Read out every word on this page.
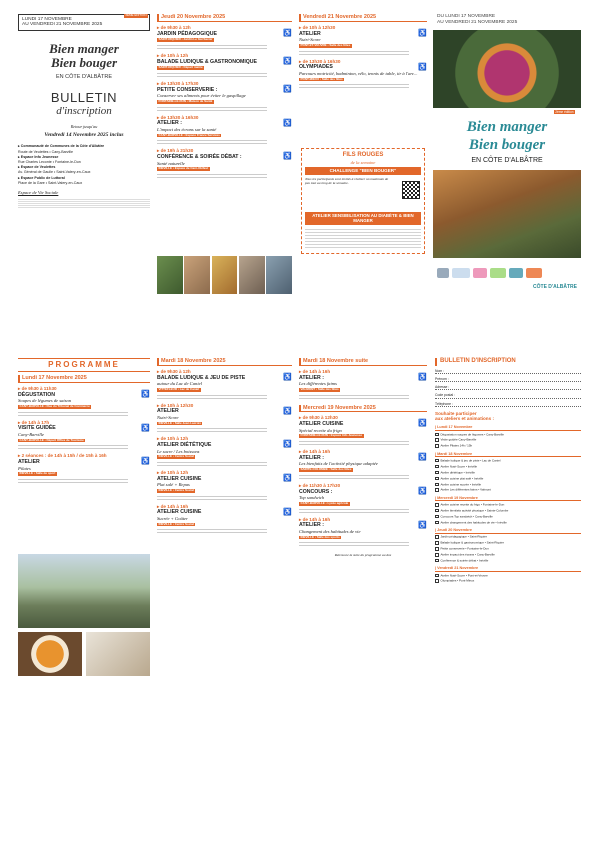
LUNDI 17 NOVEMBRE
AU VENDREDI 21 NOVEMBRE 2025
2ÈME ÉDITION
Bien manger
Bien bouger
EN CÔTE D'ALBÂTRE
BULLETIN
d'inscription
Retour jusqu'au
Vendredi 14 Novembre 2025 inclus
▸ Communauté de Communes de la Côte d'Albâtre
Route de Veulettes • Cany-Barville
▸ Espace Info Jeunesse
Rue Charles Leconte • Fontaine-le-Dun
▸ Espace de Veulettes
Av. Général de Gaulle • Saint-Valery-en-Caux
▸ Espace Public de Luttoral
Place de la Gare • Saint-Valery-en-Caux
Espace de Vie Sociale
Jeudi 20 Novembre 2025
▸ de 9h30 à 12h
♿
JARDIN PÉDAGOGIQUE
SAINT-RIQUIER • Jardin Le Gai Savoir
▸ de 10h à 12h
♿
BALADE LUDIQUE & GASTRONOMIQUE
SAINT-RIQUIER • Départ mairie
▸ de 13h30 à 17h30
♿
PETITE CONSERVERIE :
Conserver ses aliments pour éviter le gaspillage
FONTAINE-LE-DUN • Maison de Santé
▸ de 13h30 à 16h30
♿
ATELIER :
L'impact des écrans sur la santé
CANY-BARVILLE • Espace France Services
▸ de 19h à 21h30
♿
CONFÉRENCE & SOIRÉE DÉBAT :
Santé naturelle
INÉVILLE • Espace de Cani-Ubifest
Vendredi 21 Novembre 2025
▸ de 10h à 12h30
♿
ATELIER
Nutri-Score
PONT-ET-VEUVRE • Salle des fêtes
▸ de 13h30 à 16h30
♿
OLYMPIADES
Parcours motricité, badminton, vélo, tennis de table, tir à l'arc...
PONT-MIEUX • Salle des fêtes
FILS ROUGES
de la semaine
CHALLENGE "BIEN BOUGER"
Tous les participants sont invités à réaliser un maximum de pas tout au long de la semaine.
ATELIER SENSIBILISATION AU DIABÈTE & BIEN MANGER
DU LUNDI 17 NOVEMBRE
AU VENDREDI 21 NOVEMBRE 2025
2ème édition
Bien manger
Bien bouger
EN CÔTE D'ALBÂTRE
CÔTE D'ALBÂTRE
PROGRAMME
Lundi 17 Novembre 2025
▸ de 9h30 à 11h30
♿
DÉGUSTATION
Soupes de légumes de saison
CANY-BARVILLE • Rue du Tribunal de Commerce
▸ de 14h à 17h
♿
VISITE GUIDÉE
Cany-Barville
CANY-BARVILLE • Départ Office de Tourisme
▸ 2 séances : de 14h à 15h / de 15h à 16h
♿
ATELIER
Pilates
INÉVILLE • Salle de sport
Mardi 18 Novembre 2025
▸ de 9h30 à 12h
♿
BALADE LUDIQUE & JEU DE PISTE
autour du Lac de Caniel
VITTEFLEUR • Lac de Caniel
▸ de 10h à 12h30
♿
ATELIER
Nutri-Score
INÉVILLE • Salle Jean Lacroix
▸ de 10h à 12h
♿
ATELIER DIÉTÉTIQUE
Le sucre / Les boissons
INÉVILLE • Centre Social
▸ de 10h à 12h
♿
ATELIER CUISINE
Plat salé + Repas
INÉVILLE • Centre Social
▸ de 14h à 16h
♿
ATELIER CUISINE
Sucrée + Goûter
INÉVILLE • Centre Social
Mardi 18 Novembre suite
▸ de 14h à 16h
♿
ATELIER :
Les différentes faims
VALMONT • Salle des fêtes
Mercredi 19 Novembre 2025
▸ de 9h30 à 12h30
♿
ATELIER CUISINE
Spécial recette du frigo
FONTAINE-LE-DUN • Espace Info Jeunesse
▸ de 14h à 16h
♿
ATELIER :
Les bienfaits de l'activité physique adaptée
SAINTE-COLOMBE • Salle des fêtes
▸ de 11h30 à 17h30
♿
CONCOURS :
Top sandwich
CANY-BARVILLE • Lycée agricole
▸ de 14h à 16h
♿
ATELIER :
Changement des habitudes de vie
INÉVILLE • Salle des sports
Retrouvez la suite du programme au dos
BULLETIN D'INSCRIPTION
Nom :
Prénom :
Adresse :
Code postal :
Téléphone :
Souhaite participer
aux ateliers et animations :
| Lundi 17 Novembre
Dégustation soupes de légumes • Cany-Barville
Visite guidée Cany-Barville
Atelier Pilates 14h / 15h
| Mardi 18 Novembre
Balade ludique & jeu de piste • Lac de Caniel
Atelier Nutri-Score • Inéville
Atelier diététique • Inéville
Atelier cuisine plat salé • Inéville
Atelier cuisine sucrée • Inéville
Atelier Les différentes faims • Valmont
| Mercredi 19 Novembre
Atelier cuisine recette du frigo • Fontaine-le-Dun
Atelier bienfaits activité physique • Sainte-Colombe
Concours Top sandwich • Cany-Barville
Atelier changement des habitudes de vie • Inéville
| Jeudi 20 Novembre
Jardin pédagogique • Saint-Riquier
Balade ludique & gastronomique • Saint-Riquier
Petite conserverie • Fontaine-le-Dun
Atelier impact des écrans • Cany-Barville
Conférence & soirée débat • Inéville
| Vendredi 21 Novembre
Atelier Nutri-Score • Pont-et-Veuvre
Olympiades • Pont-Mieux
